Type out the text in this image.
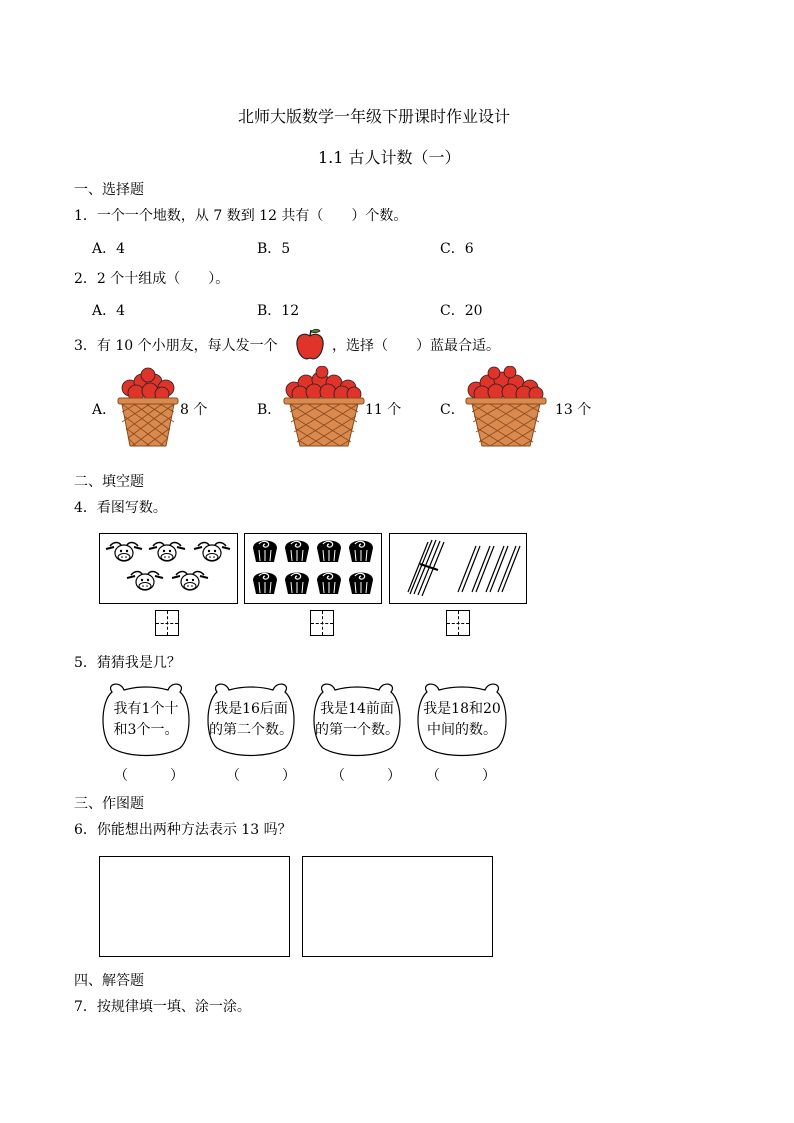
北师大版数学一年级下册课时作业设计
1.1 古人计数（一）
一、选择题
1．一个一个地数，从 7 数到 12 共有（　　）个数。
A．4	B．5	C．6
2．2 个十组成（　　）。
A．4	B．12	C．20
3．有 10 个小朋友，每人发一个	，选择（　　）蓝最合适。
A．	8 个	B．	11 个	C．	13 个
二、填空题
4．看图写数。
5．猜猜我是几？
我有1个十
和3个一。
我是16后面
的第二个数。
我是14前面
的第一个数。
我是18和20
中间的数。
（　　　）	（　　　）	（　　　） （　　　）
三、作图题
6．你能想出两种方法表示 13 吗？
四、解答题
7．按规律填一填、涂一涂。
